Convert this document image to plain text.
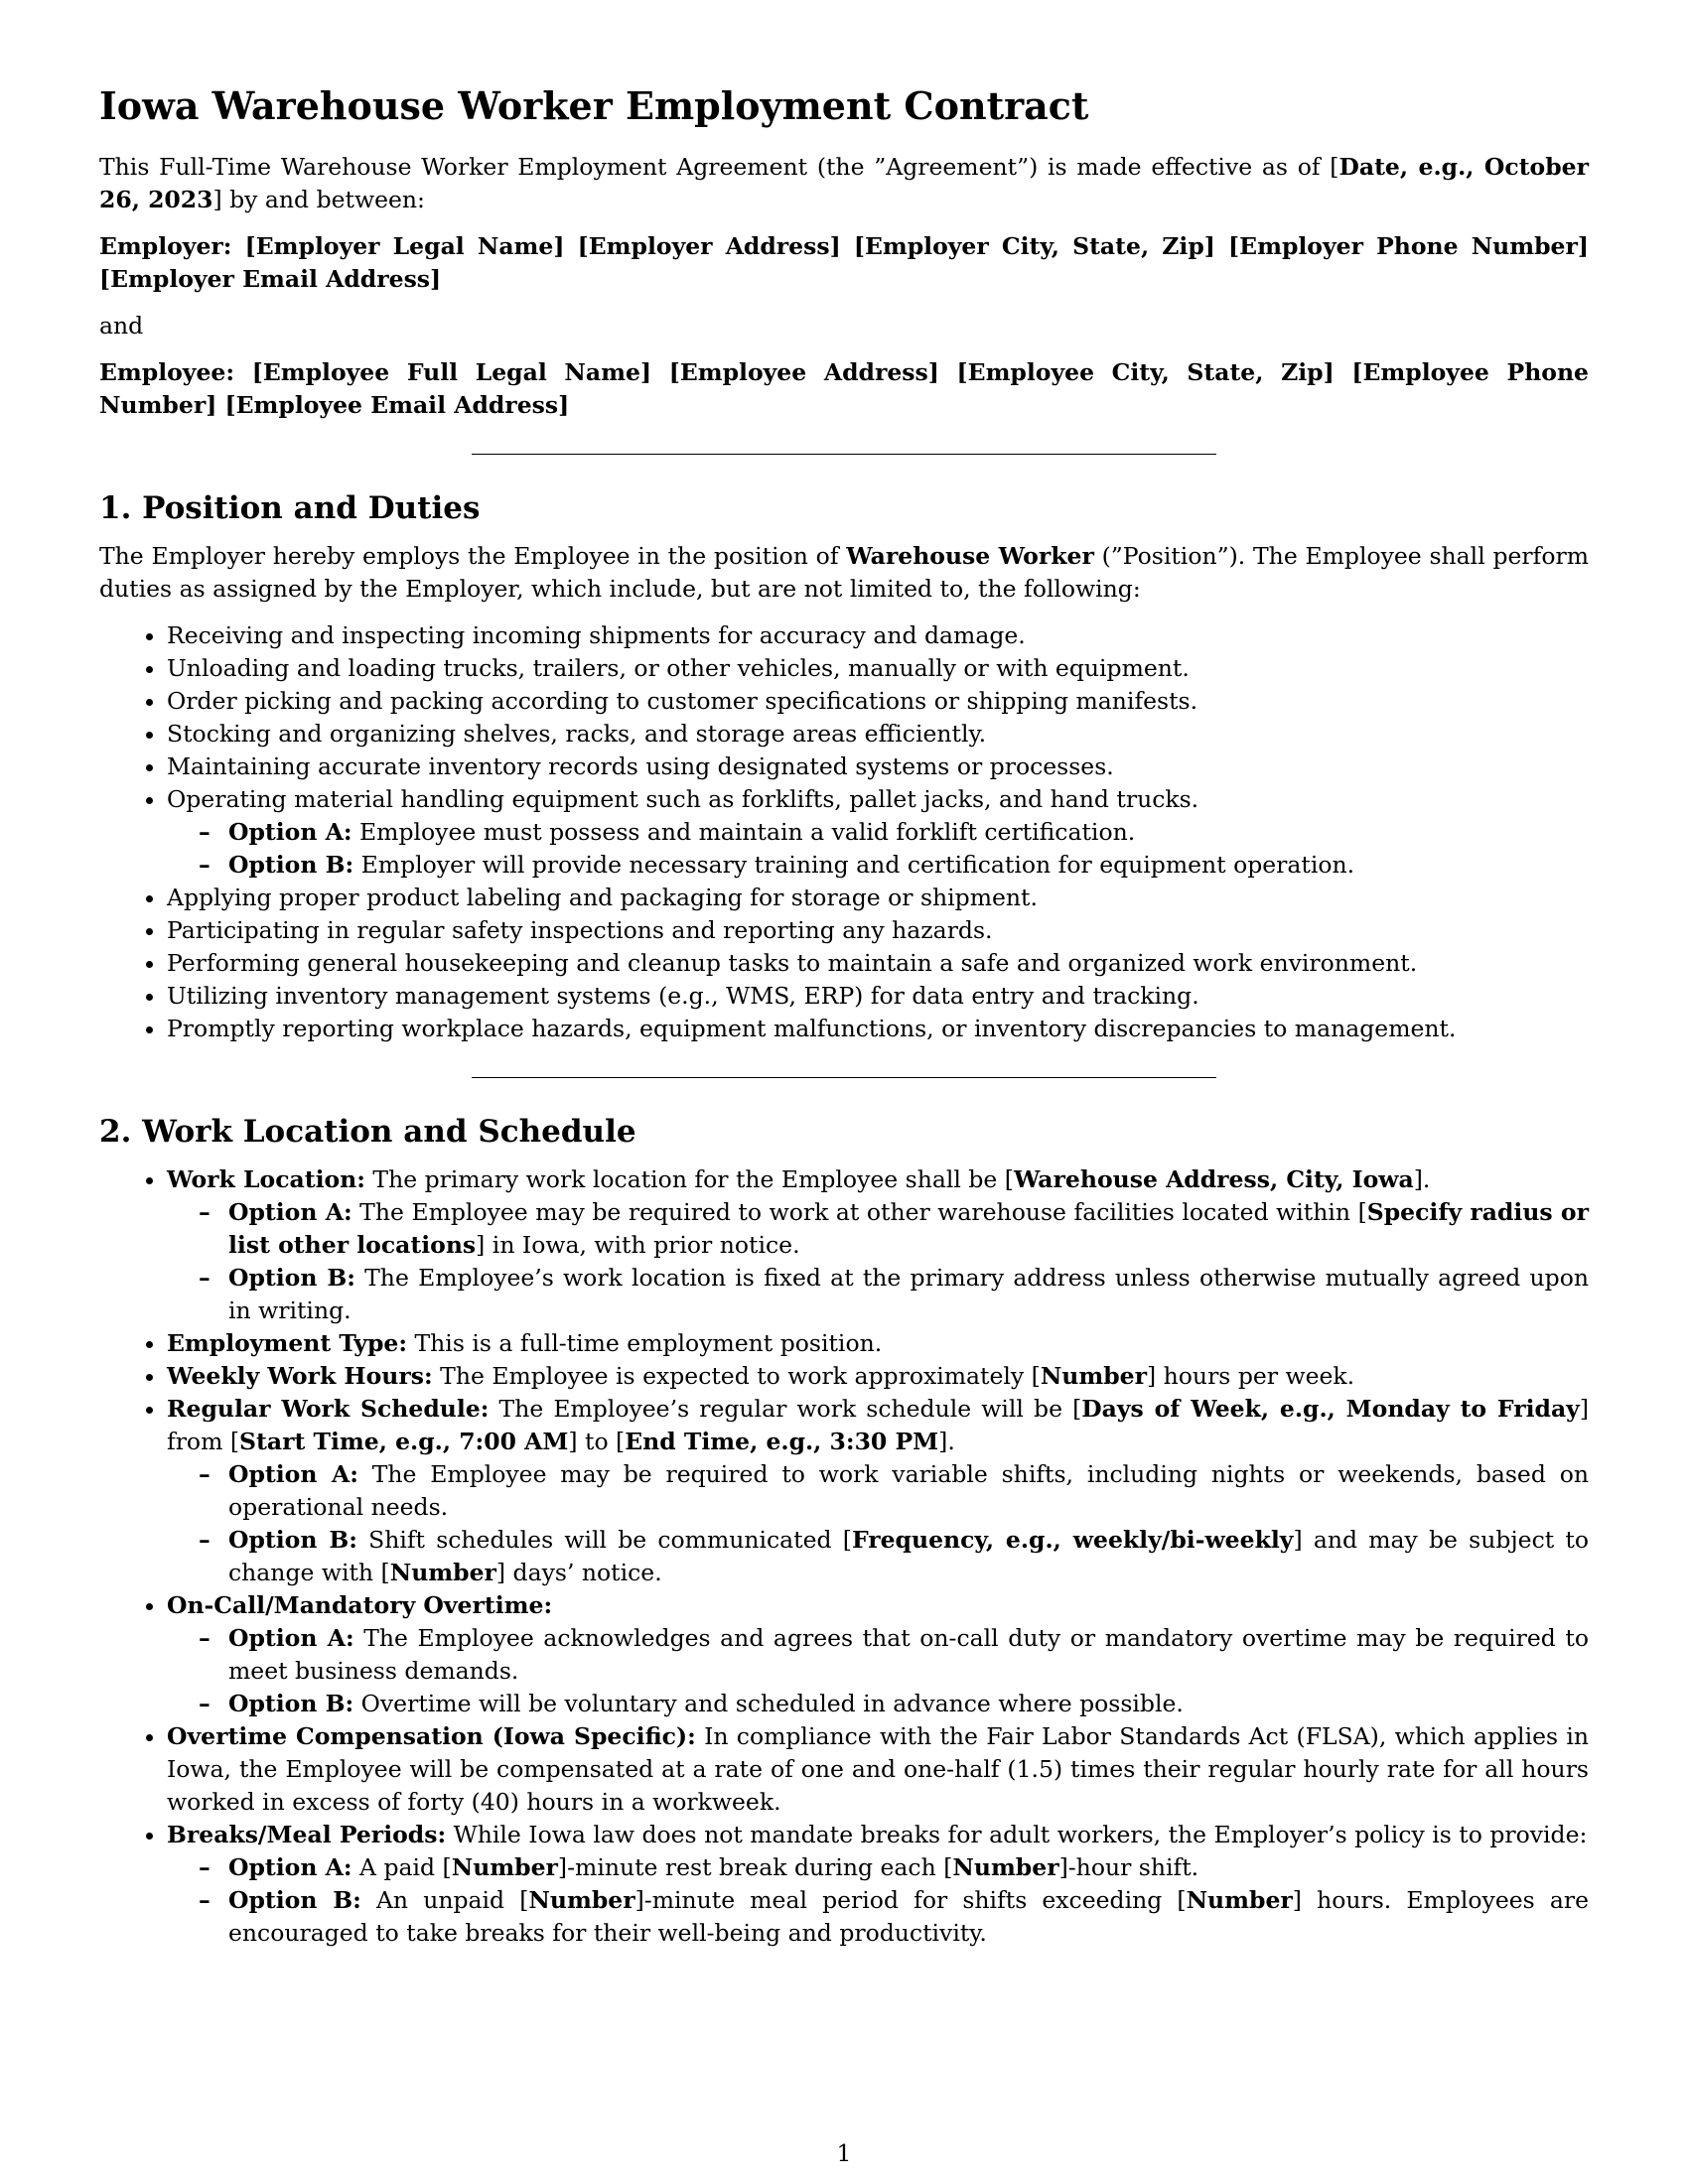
Iowa Warehouse Worker Employment Contract

This Full-Time Warehouse Worker Employment Agreement (the ”Agreement”) is made effective as of [Date, e.g., October 26, 2023] by and between:

Employer: [Employer Legal Name] [Employer Address] [Employer City, State, Zip] [Employer Phone Number] [Employer Email Address]

and

Employee: [Employee Full Legal Name] [Employee Address] [Employee City, State, Zip] [Employee Phone Number] [Employee Email Address]

1. Position and Duties

The Employer hereby employs the Employee in the position of Warehouse Worker (”Position”). The Employee shall perform duties as assigned by the Employer, which include, but are not limited to, the following:

• Receiving and inspecting incoming shipments for accuracy and damage.
• Unloading and loading trucks, trailers, or other vehicles, manually or with equipment.
• Order picking and packing according to customer specifications or shipping manifests.
• Stocking and organizing shelves, racks, and storage areas efficiently.
• Maintaining accurate inventory records using designated systems or processes.
• Operating material handling equipment such as forklifts, pallet jacks, and hand trucks.
– Option A: Employee must possess and maintain a valid forklift certification.
– Option B: Employer will provide necessary training and certification for equipment operation.
• Applying proper product labeling and packaging for storage or shipment.
• Participating in regular safety inspections and reporting any hazards.
• Performing general housekeeping and cleanup tasks to maintain a safe and organized work environment.
• Utilizing inventory management systems (e.g., WMS, ERP) for data entry and tracking.
• Promptly reporting workplace hazards, equipment malfunctions, or inventory discrepancies to management.
2. Work Location and Schedule
• Work Location: The primary work location for the Employee shall be [Warehouse Address, City, Iowa].
– Option A: The Employee may be required to work at other warehouse facilities located within [Specify radius or list other locations] in Iowa, with prior notice.
– Option B: The Employee’s work location is fixed at the primary address unless otherwise mutually agreed upon in writing.
• Employment Type: This is a full-time employment position.
• Weekly Work Hours: The Employee is expected to work approximately [Number] hours per week.
• Regular Work Schedule: The Employee’s regular work schedule will be [Days of Week, e.g., Monday to Friday] from [Start Time, e.g., 7:00 AM] to [End Time, e.g., 3:30 PM].
– Option A: The Employee may be required to work variable shifts, including nights or weekends, based on operational needs.
– Option B: Shift schedules will be communicated [Frequency, e.g., weekly/bi-weekly] and may be subject to change with [Number] days’ notice.
• On-Call/Mandatory Overtime:
– Option A: The Employee acknowledges and agrees that on-call duty or mandatory overtime may be required to meet business demands.
– Option B: Overtime will be voluntary and scheduled in advance where possible.
• Overtime Compensation (Iowa Specific): In compliance with the Fair Labor Standards Act (FLSA), which applies in Iowa, the Employee will be compensated at a rate of one and one-half (1.5) times their regular hourly rate for all hours worked in excess of forty (40) hours in a workweek.
• Breaks/Meal Periods: While Iowa law does not mandate breaks for adult workers, the Employer’s policy is to provide:
– Option A: A paid [Number]-minute rest break during each [Number]-hour shift.
– Option B: An unpaid [Number]-minute meal period for shifts exceeding [Number] hours. Employees are encouraged to take breaks for their well-being and productivity.
1
